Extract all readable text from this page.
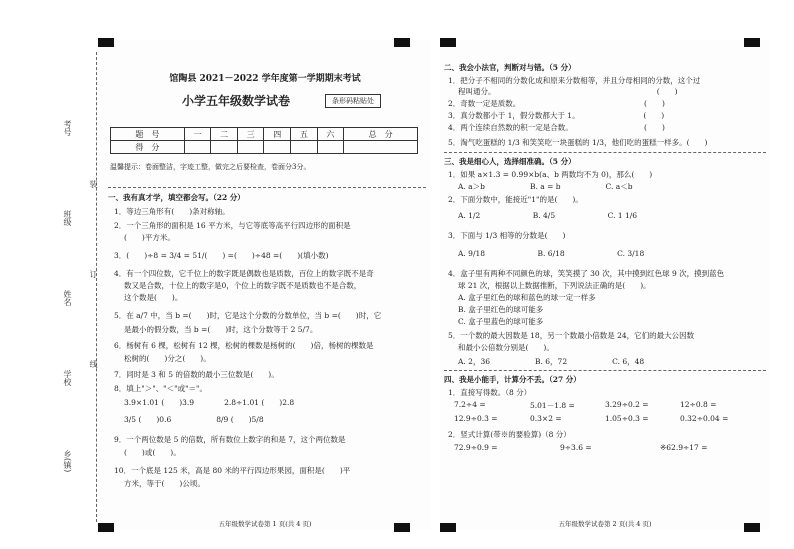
馆陶县 2021－2022 学年度第一学期期末考试
小学五年级数学试卷	条形码粘贴处
题　号	一	二	三	四	五	六	总　分
得　分							
温馨提示：卷面整洁，字迹工整，做完之后要检查，卷面分3分。
一、我有真才学，填空都会写。（22 分）
1．等边三角形有(　　)条对称轴。
2．一个三角形的面积是 16 平方米，与它等底等高平行四边形的面积是
(　　)平方米。
3．(　　)÷8 = 3/4 = 51/(　　) =(　　)÷48 =(　　)(填小数)
4．有一个四位数，它千位上的数字既是偶数也是质数，百位上的数字既不是奇
数又是合数，十位上的数字是0，个位上的数字既不是质数也不是合数，
这个数是(　　)。
5．在 a/7 中，当 b =(　　)时，它是这个分数的分数单位，当 b =(　　)时，它
是最小的假分数，当 b =(　　)时，这个分数等于 2 5/7。
6．杨树有 6 棵，松树有 12 棵，松树的棵数是杨树的(　　)倍，杨树的棵数是
松树的(　　)分之(　　)。
7．同时是 3 和 5 的倍数的最小三位数是(　　)。
8．填上"＞"、"＜"或"＝"。
3.9×1.01 (　　)3.9　　　　2.8÷1.01 (　　)2.8
3/5 (　　)0.6　　　　　　8/9 (　　)5/8
9．一个两位数是 5 的倍数，所有数位上数字的和是 7，这个两位数是
(　　)或(　　)。
10．一个底是 125 米，高是 80 米的平行四边形果园，面积是(　　)平
方米，等于(　　)公顷。
五年级数学试卷第 1 页(共 4 页)
考号
班级
姓名
学校
乡(镇)
装
订
线
二、我会小法官，判断对与错。（5 分）
1．把分子不相同的分数化成和原来分数相等，并且分母相同的分数，这个过
程叫通分。　　　　　　　　　　　　　　　　　　　　　　(　　)
2．奇数一定是质数。　　　　　　　　　　　　　　　　　(　　)
3．真分数都小于 1，假分数都大于 1。　　　　　　　　　(　　)
4．两个连续自然数的积一定是合数。　　　　　　　　　　(　　)
5．淘气吃蛋糕的 1/3 和笑笑吃一块蛋糕的 1/3，他们吃的蛋糕一样多。(　　)
三、我是细心人，选择细准确。（5 分）
1．如果 a×1.3 = 0.99×b(a、b 两数均不为 0)，那么(　　)
A. a＞b　　　　　　B. a = b　　　　　　C. a＜b
2．下面分数中，能接近"1"的是(　　)。
A. 1/2　　　　　　　B. 4/5　　　　　　　C. 1 1/6
3．下面与 1/3 相等的分数是(　　)
A. 9/18　　　　　　　B. 6/18　　　　　　　C. 3/18
4．盒子里有两种不同颜色的球，笑笑摸了 30 次，其中摸到红色球 9 次，摸到蓝色
球 21 次，根据以上数据推断，下列说法正确的是(　　)。
A. 盒子里红色的球和蓝色的球一定一样多
B. 盒子里红色的球可能多
C. 盒子里蓝色的球可能多
5．一个数的最大因数是 18，另一个数最小倍数是 24，它们的最大公因数
和最小公倍数分别是(　　)。
A. 2，36　　　　　　B. 6，72　　　　　　C. 6，48
四、我是小能手，计算分不丢。（27 分）
1．直接写得数。（8 分）
7.2÷4 =	5.01－1.8 =	3.29÷0.2 =	12÷0.8 =
12.9÷0.3 =	0.3×2 =	1.05÷0.3 =	0.32÷0.04 =
2．竖式计算(带※的要验算)（8 分）
72.9÷0.9 =	9÷3.6 =	※62.9÷17 =
五年级数学试卷第 2 页(共 4 页)
